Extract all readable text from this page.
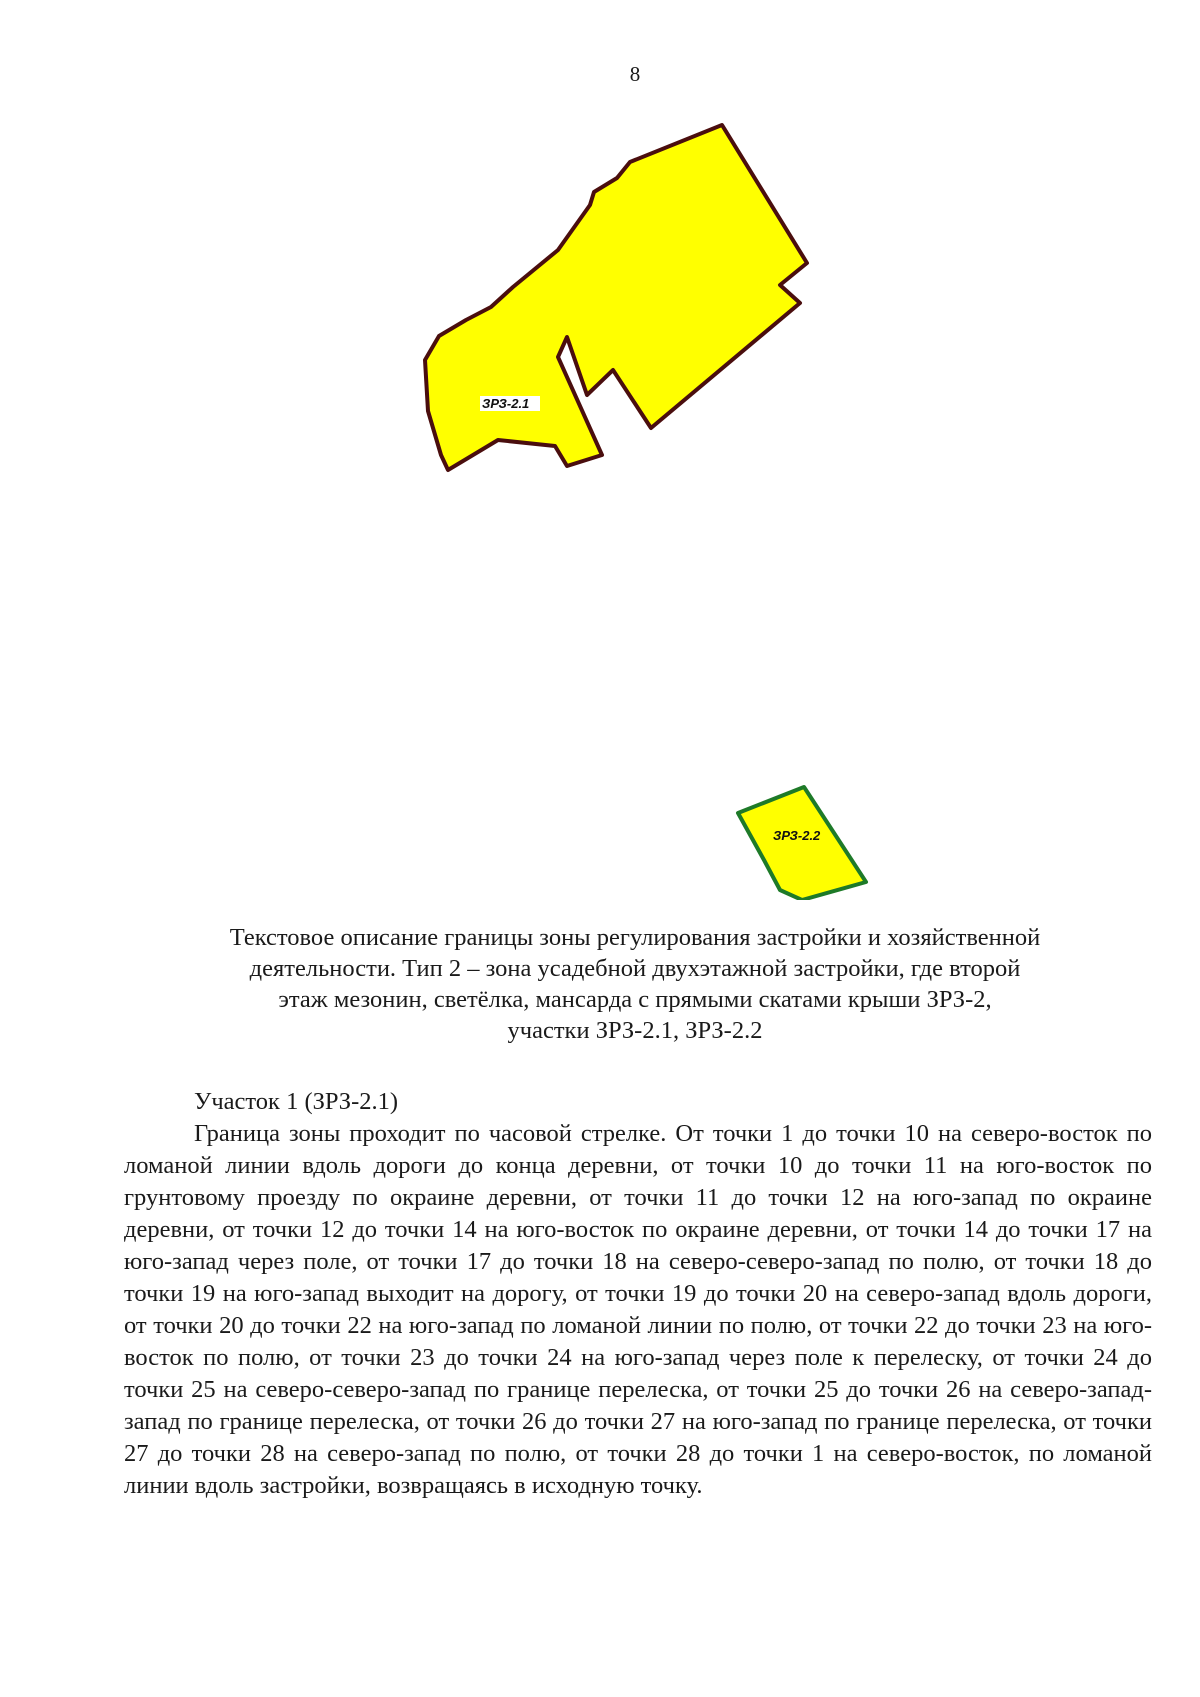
8
ЗРЗ-2.1
ЗРЗ-2.2
Текстовое описание границы зоны регулирования застройки и хозяйственной
деятельности. Тип 2 – зона усадебной двухэтажной застройки, где второй
этаж мезонин, светёлка, мансарда с прямыми скатами крыши ЗРЗ-2,
участки ЗРЗ-2.1, ЗРЗ-2.2

Участок 1 (ЗРЗ-2.1)

Граница зоны проходит по часовой стрелке. От точки 1 до точки 10 на северо-восток по ломаной линии вдоль дороги до конца деревни, от точки 10 до точки 11 на юго-восток по грунтовому проезду по окраине деревни, от точки 11 до точки 12 на юго-запад по окраине деревни, от точки 12 до точки 14 на юго-восток по окраине деревни, от точки 14 до точки 17 на юго-запад через поле, от точки 17 до точки 18 на северо-северо-запад по полю, от точки 18 до точки 19 на юго-запад выходит на дорогу, от точки 19 до точки 20 на северо-запад вдоль дороги, от точки 20 до точки 22 на юго-запад по ломаной линии по полю, от точки 22 до точки 23 на юго-восток по полю, от точки 23 до точки 24 на юго-запад через поле к перелеску, от точки 24 до точки 25 на северо-северо-запад по границе перелеска, от точки 25 до точки 26 на северо-запад-запад по границе перелеска, от точки 26 до точки 27 на юго-запад по границе перелеска, от точки 27 до точки 28 на северо-запад по полю, от точки 28 до точки 1 на северо-восток, по ломаной линии вдоль застройки, возвращаясь в исходную точку.
